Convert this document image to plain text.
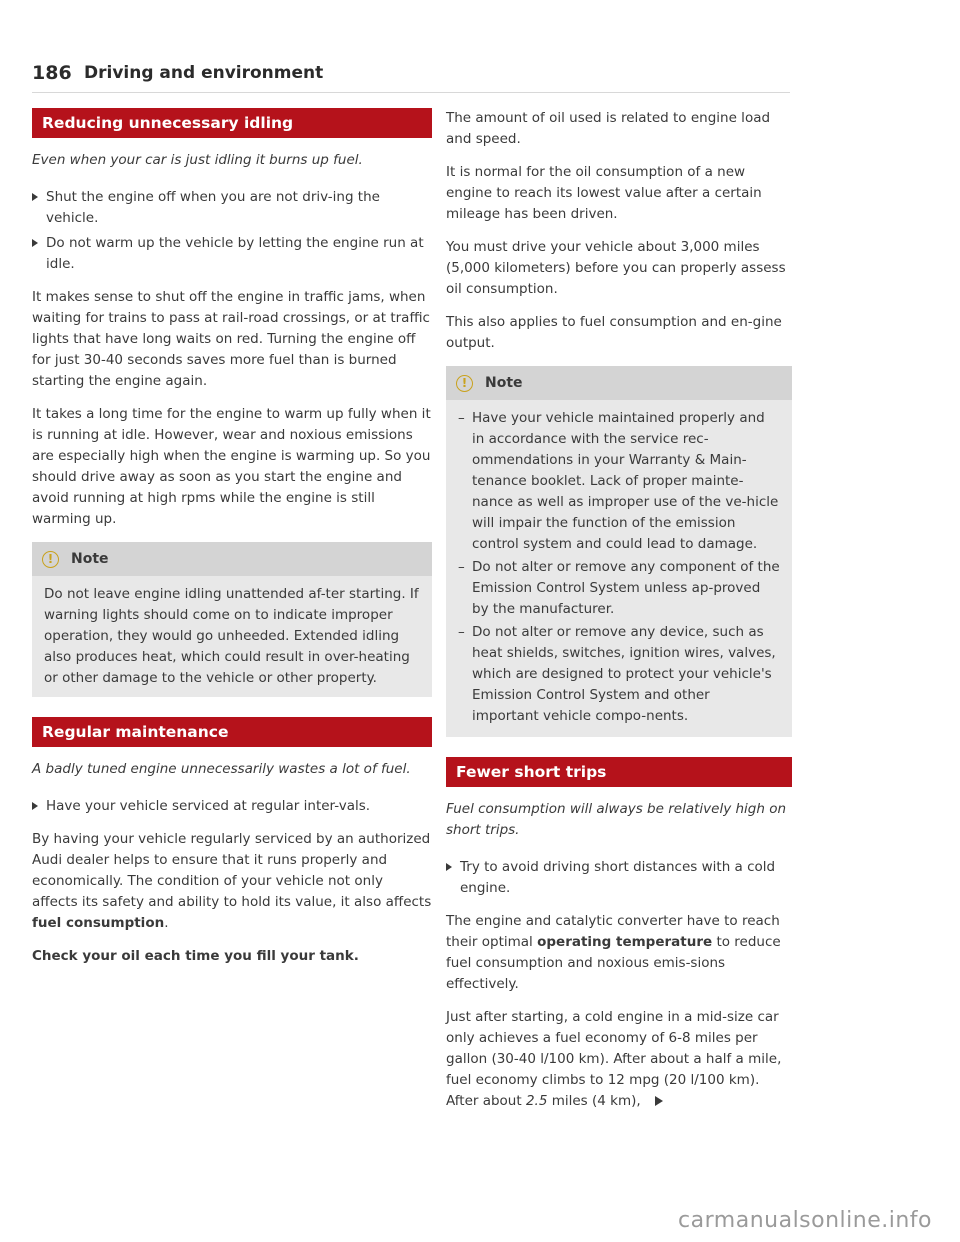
186 Driving and environment
Reducing unnecessary idling

Even when your car is just idling it burns up fuel.

Shut the engine off when you are not driv-ing the vehicle.
Do not warm up the vehicle by letting the engine run at idle.

It makes sense to shut off the engine in traffic jams, when waiting for trains to pass at rail-road crossings, or at traffic lights that have long waits on red. Turning the engine off for just 30-40 seconds saves more fuel than is burned starting the engine again.

It takes a long time for the engine to warm up fully when it is running at idle. However, wear and noxious emissions are especially high when the engine is warming up. So you should drive away as soon as you start the engine and avoid running at high rpms while the engine is still warming up.

!	Note

Do not leave engine idling unattended af-ter starting. If warning lights should come on to indicate improper operation, they would go unheeded. Extended idling also produces heat, which could result in over-heating or other damage to the vehicle or other property.

Regular maintenance

A badly tuned engine unnecessarily wastes a lot of fuel.

Have your vehicle serviced at regular inter-vals.

By having your vehicle regularly serviced by an authorized Audi dealer helps to ensure that it runs properly and economically. The condition of your vehicle not only affects its safety and ability to hold its value, it also affects fuel consumption.

Check your oil each time you fill your tank.

The amount of oil used is related to engine load and speed.

It is normal for the oil consumption of a new engine to reach its lowest value after a certain mileage has been driven.

You must drive your vehicle about 3,000 miles (5,000 kilometers) before you can properly assess oil consumption.

This also applies to fuel consumption and en-gine output.

!	Note
– Have your vehicle maintained properly and in accordance with the service rec-ommendations in your Warranty & Main-tenance booklet. Lack of proper mainte-nance as well as improper use of the ve-hicle will impair the function of the emission control system and could lead to damage.
– Do not alter or remove any component of the Emission Control System unless ap-proved by the manufacturer.
– Do not alter or remove any device, such as heat shields, switches, ignition wires, valves, which are designed to protect your vehicle's Emission Control System and other important vehicle compo-nents.
Fewer short trips

Fuel consumption will always be relatively high on short trips.

Try to avoid driving short distances with a cold engine.

The engine and catalytic converter have to reach their optimal operating temperature to reduce fuel consumption and noxious emis-sions effectively.

Just after starting, a cold engine in a mid-size car only achieves a fuel economy of 6-8 miles per gallon (30-40 l/100 km). After about a half a mile, fuel economy climbs to 12 mpg (20 l/100 km). After about 2.5 miles (4 km),

carmanualsonline.info
